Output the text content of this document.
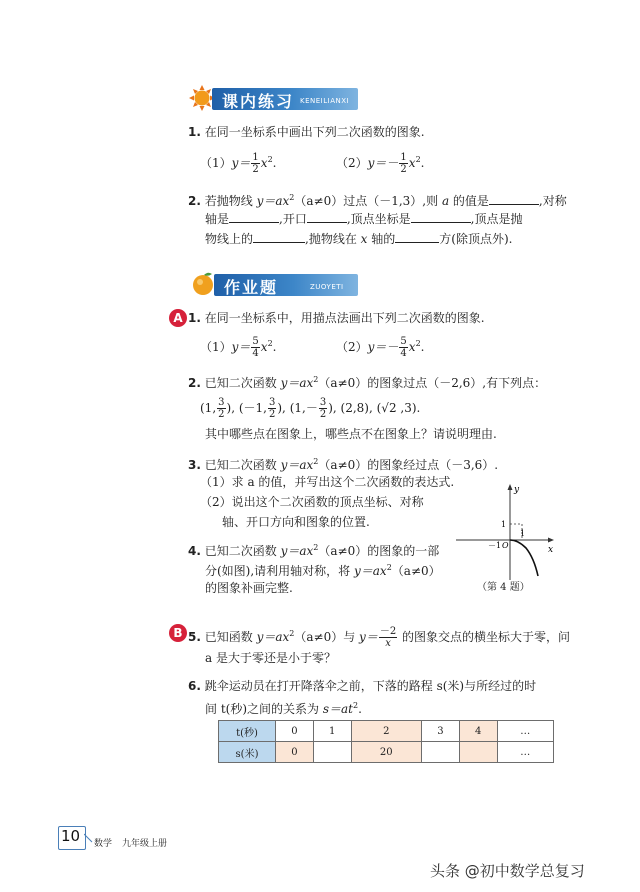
课内练习 KENEILIANXI
1. 在同一坐标系中画出下列二次函数的图象.
$(1)y= \frac{1}{2} x^2$.	$(2)y=- \frac{1}{2} x^2$.
2. 若抛物线 $y=ax^2(a\ne 0)$过点（－1,3）,则 a 的值是	,对称
轴是	,开口	,顶点坐标是	,顶点是抛
物线上的	,抛物线在 x 轴的	方(除顶点外).
作业题	ZUOYETI
A 1. 在同一坐标系中，用描点法画出下列二次函数的图象.
$(1)y= \frac{5}{4} x^2$.	$(2)y=- \frac{5}{4} x^2$.
2. 已知二次函数 $y=ax^2(a\ne 0)$的图象过点（－2,6）,有下列点：
(1, $\frac{3}{2}$ ), (－1, $\frac{3}{2}$ ), ($1,- \frac{3}{2}$ ), (2,8), (√2 ,3).
其中哪些点在图象上，哪些点不在图象上？请说明理由.
3. 已知二次函数 $y=ax^2(a\ne 0)$的图象经过点（－3,6）.
（1）求 a 的值，并写出这个二次函数的表达式.
（2）说出这个二次函数的顶点坐标、对称
轴、开口方向和图象的位置.
4. 已知二次函数 $y=ax^2(a\ne 0)$的图象的一部
分(如图),请利用轴对称，将 $y=ax^2(a\ne 0)$
的图象补画完整.
y
x
1
1
－1 O
（第 4 题）
B 5. 已知函数 $y=ax^2(a\ne 0)$与 $y= \frac{-2}{x}$ 的图象交点的横坐标大于零，问
a 是大于零还是小于零？
6. 跳伞运动员在打开降落伞之前，下落的路程 s(米)与所经过的时
间 t(秒)之间的关系为 $s=at^2$.
t(秒)	0	1	2	3	4	…
s(米)	0		20			…
10 数学 九年级上册
头条 @初中数学总复习
